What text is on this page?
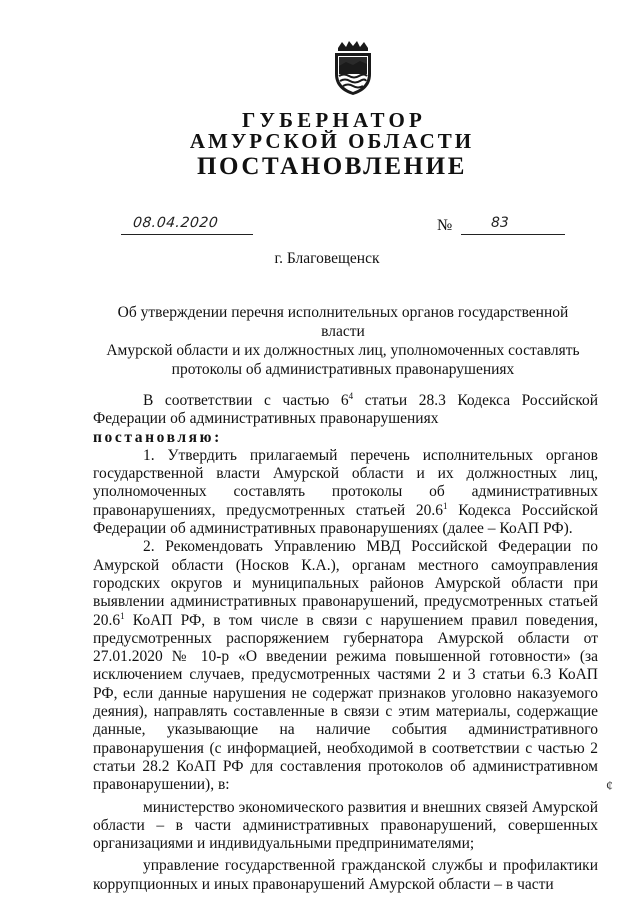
ГУБЕРНАТОР
АМУРСКОЙ ОБЛАСТИ
ПОСТАНОВЛЕНИЕ
08.04.2020	№	83
г. Благовещенск
Об утверждении перечня исполнительных органов государственной власти
Амурской области и их должностных лиц, уполномоченных составлять
протоколы об административных правонарушениях

В соответствии с частью $6^4$ статьи 28.3 Кодекса Российской Федерации об административных правонарушениях

постановляю:

1. Утвердить прилагаемый перечень исполнительных органов государственной власти Амурской области и их должностных лиц, уполномоченных составлять протоколы об административных правонарушениях, предусмотренных статьей 20.6$^1$ Кодекса Российской Федерации об административных правонарушениях (далее – КоАП РФ).

2. Рекомендовать Управлению МВД Российской Федерации по Амурской области (Носков К.А.), органам местного самоуправления городских округов и муниципальных районов Амурской области при выявлении административных правонарушений, предусмотренных статьей 20.6$^1$ КоАП РФ, в том числе в связи с нарушением правил поведения, предусмотренных распоряжением губернатора Амурской области от 27.01.2020 № 10-р «О введении режима повышенной готовности» (за исключением случаев, предусмотренных частями 2 и 3 статьи 6.3 КоАП РФ, если данные нарушения не содержат признаков уголовно наказуемого деяния), направлять составленные в связи с этим материалы, содержащие данные, указывающие на наличие события административного правонарушения (с информацией, необходимой в соответствии с частью 2 статьи 28.2 КоАП РФ для составления протоколов об административном правонарушении), в:

министерство экономического развития и внешних связей Амурской области – в части административных правонарушений, совершенных организациями и индивидуальными предпринимателями;

управление государственной гражданской службы и профилактики коррупционных и иных правонарушений Амурской области – в части

¢
